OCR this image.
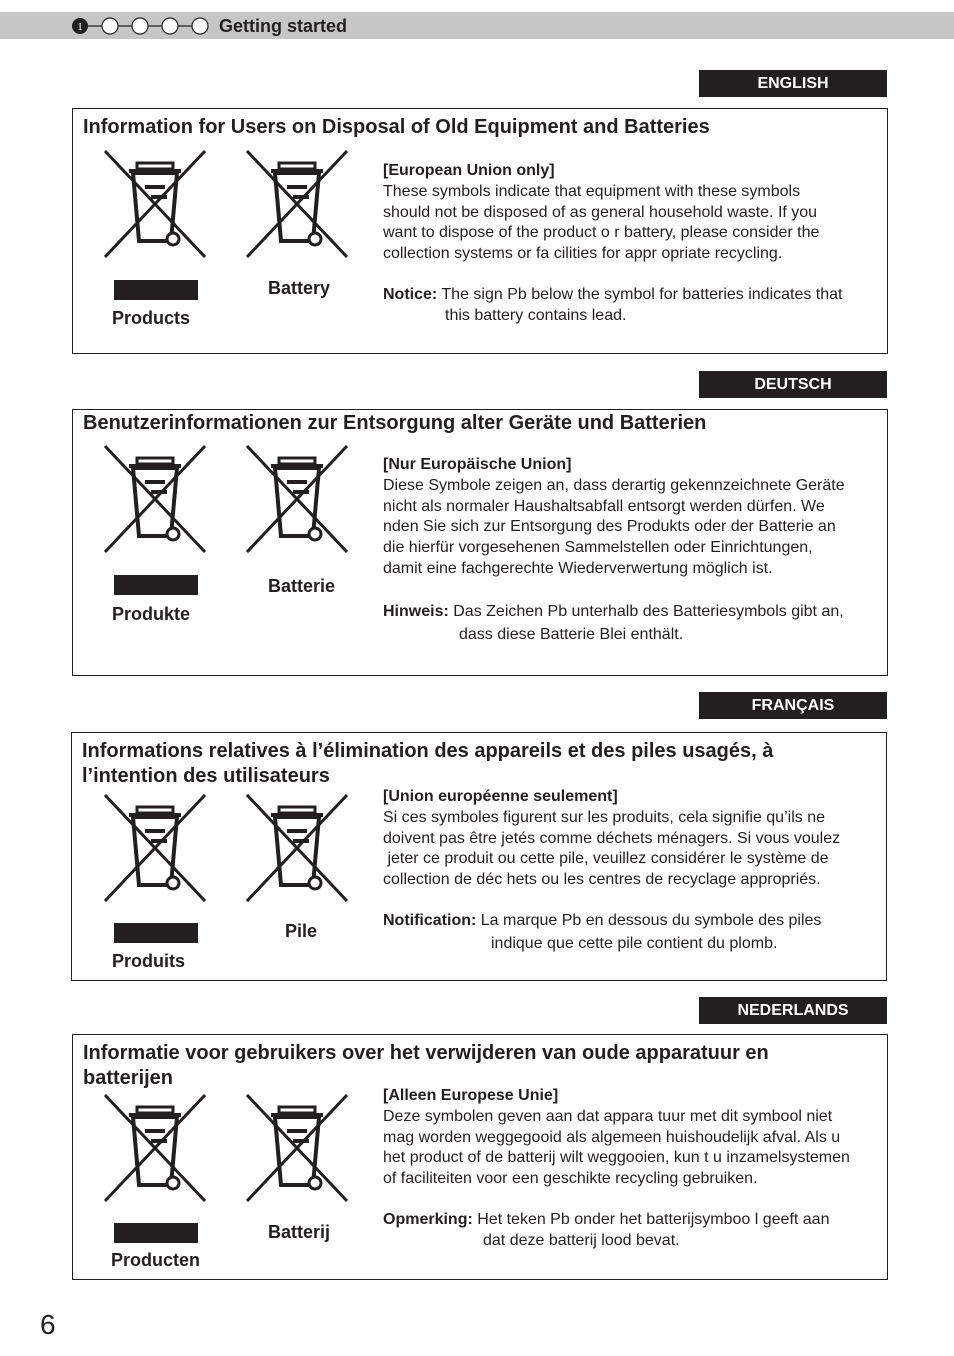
1	Getting started
ENGLISH
Information for Users on Disposal of Old Equipment and Batteries
Products
Battery

[European Union only]

These symbols indicate that equipment with these symbols

should not be disposed of as general household waste. If you

want to dispose of the product o r battery, please consider the

collection systems or fa cilities for appr opriate recycling.

Notice: The sign Pb below the symbol for batteries indicates that

this battery contains lead.

DEUTSCH
Benutzerinformationen zur Entsorgung alter Geräte und Batterien
Produkte
Batterie

[Nur Europäische Union]

Diese Symbole zeigen an, dass derartig gekennzeichnete Geräte

nicht als normaler Haushaltsabfall entsorgt werden dürfen. We

nden Sie sich zur Entsorgung des Produkts oder der Batterie an

die hierfür vorgesehenen Sammelstellen oder Einrichtungen,

damit eine fachgerechte Wiederverwertung möglich ist.

Hinweis: Das Zeichen Pb unterhalb des Batteriesymbols gibt an,

dass diese Batterie Blei enthält.

FRANÇAIS
Informations relatives à l’élimination des appareils et des piles usagés, à
l’intention des utilisateurs
Produits
Pile

[Union européenne seulement]

Si ces symboles figurent sur les produits, cela signifie qu’ils ne

doivent pas être jetés comme déchets ménagers. Si vous voulez

jeter ce produit ou cette pile, veuillez considérer le système de

collection de déc hets ou les centres de recyclage appropriés.

Notification: La marque Pb en dessous du symbole des piles

indique que cette pile contient du plomb.

NEDERLANDS
Informatie voor gebruikers over het verwijderen van oude apparatuur en
batterijen
Producten
Batterij

[Alleen Europese Unie]

Deze symbolen geven aan dat appara tuur met dit symbool niet

mag worden weggegooid als algemeen huishoudelijk afval. Als u

het product of de batterij wilt weggooien, kun t u inzamelsystemen

of faciliteiten voor een geschikte recycling gebruiken.

Opmerking: Het teken Pb onder het batterijsymboo l geeft aan

dat deze batterij lood bevat.

6
